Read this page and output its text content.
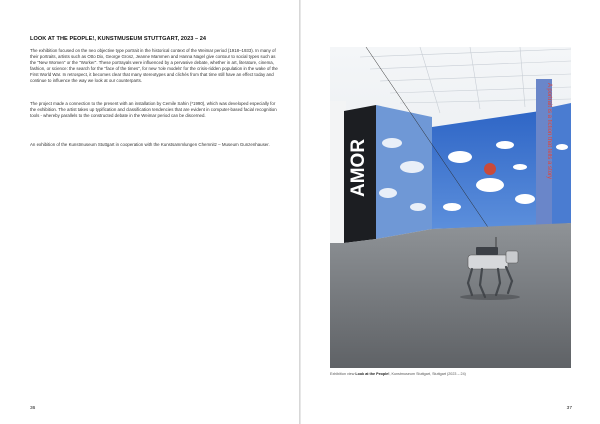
LOOK AT THE PEOPLE!, KUNSTMUSEUM STUTTGART, 2023 – 24

The exhibition focused on the neo objective type portrait in the historical context of the Weimar period (1918–1933). In many of their portraits, artists such as Otto Dix, George Grosz, Jeanne Mammen and Hanna Nagel give contour to social types such as the "New Women" or the "Worker". These portrayals were influenced by a pervasive debate, whether in art, literature, cinema, fashion, or science: the search for the "face of the times", for new 'role models' for the crisis-ridden population in the wake of the First World War. In retrospect, it becomes clear that many stereotypes and clichés from that time still have an effect today and continue to influence the way we look at our counterparts.

The project made a connection to the present with an installation by Cemile Sahin (*1990), which was developed especially for the exhibition. The artist takes up typification and classification tendencies that are evident in computer-based facial recognition tools - whereby parallels to the constructed debate in the Weimar period can be discerned.

An exhibition of the Kunstmuseum Stuttgart in cooperation with the Kunstsammlungen Chemnitz – Museum Gunzenhauser.

36	37
AMOR	A portrait is a fiction that tells a story
Exhibition view Look at the People!, Kunstmuseum Stuttgart, Stuttgart (2023 – 24)
